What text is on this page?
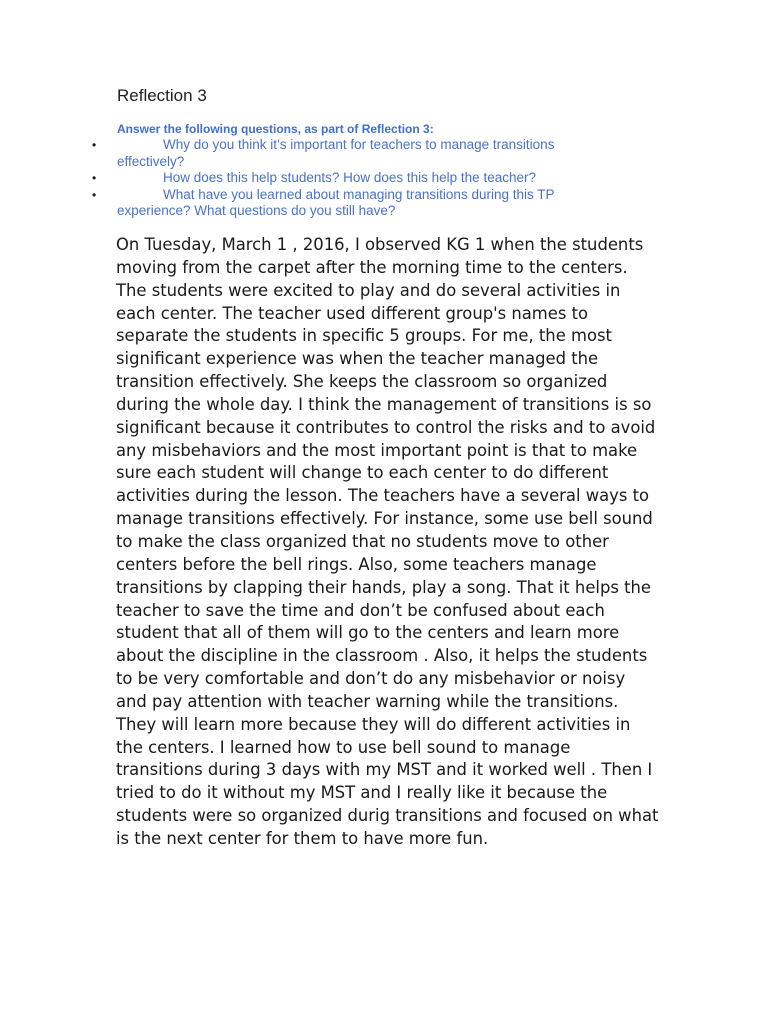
Reflection 3

Answer the following questions, as part of Reflection 3:

•	Why do you think it’s important for teachers to manage transitions effectively?
•	How does this help students? How does this help the teacher?
•	What have you learned about managing transitions during this TP experience? What questions do you still have?

On Tuesday, March 1 , 2016, I observed KG 1 when the students moving from the carpet after the morning time to the centers. The students were excited to play and do several activities in each center. The teacher used different group's names to separate the students in specific 5 groups. For me, the most significant experience was when the teacher managed the transition effectively. She keeps the classroom so organized during the whole day. I think the management of transitions is so significant because it contributes to control the risks and to avoid any misbehaviors and the most important point is that to make sure each student will change to each center to do different activities during the lesson. The teachers have a several ways to manage transitions effectively. For instance, some use bell sound to make the class organized that no students move to other centers before the bell rings. Also, some teachers manage transitions by clapping their hands, play a song. That it helps the teacher to save the time and don’t be confused about each student that all of them will go to the centers and learn more about the discipline in the classroom . Also, it helps the students to be very comfortable and don’t do any misbehavior or noisy and pay attention with teacher warning while the transitions. They will learn more because they will do different activities in the centers. I learned how to use bell sound to manage transitions during 3 days with my MST and it worked well . Then I tried to do it without my MST and I really like it because the students were so organized durig transitions and focused on what is the next center for them to have more fun.
